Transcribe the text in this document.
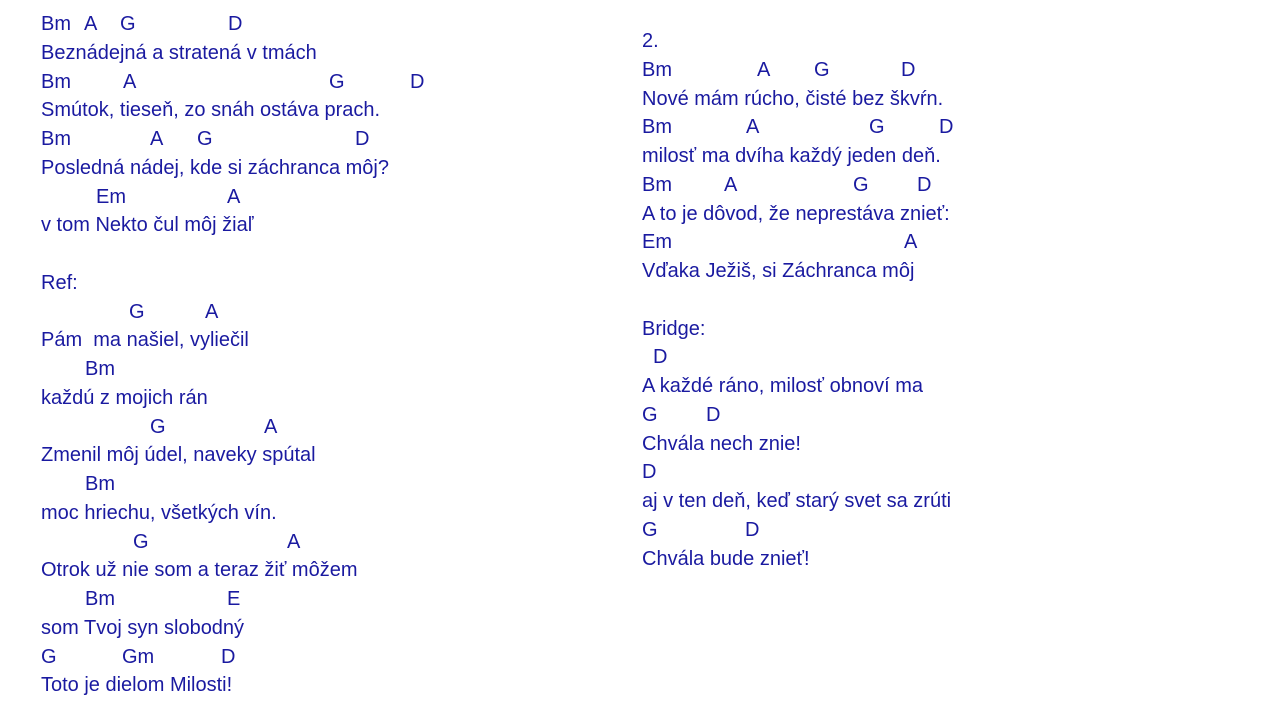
Bm A G	D
Beznádejná a stratená v tmách
Bm	A	G	D
Smútok, tieseň, zo snáh ostáva prach.
Bm	A G	D
Posledná nádej, kde si záchranca môj?
Em	A
v tom Nekto čul môj žiaľ
Ref:
G	A
Pám  ma našiel, vyliečil
Bm
každú z mojich rán
G	A
Zmenil môj údel, naveky spútal
Bm
moc hriechu, všetkých vín.
G	A
Otrok už nie som a teraz žiť môžem
Bm	E
som Tvoj syn slobodný
G	Gm	D
Toto je dielom Milosti!
2.
Bm	A G	D
Nové mám rúcho, čisté bez škvŕn.
Bm	A	G	D
milosť ma dvíha každý jeden deň.
Bm	A	G D
A to je dôvod, že neprestáva znieť:
Em	A
Vďaka Ježiš, si Záchranca môj
Bridge:
D
A každé ráno, milosť obnoví ma
G D
Chvála nech znie!
D
aj v ten deň, keď starý svet sa zrúti
G	D
Chvála bude znieť!
